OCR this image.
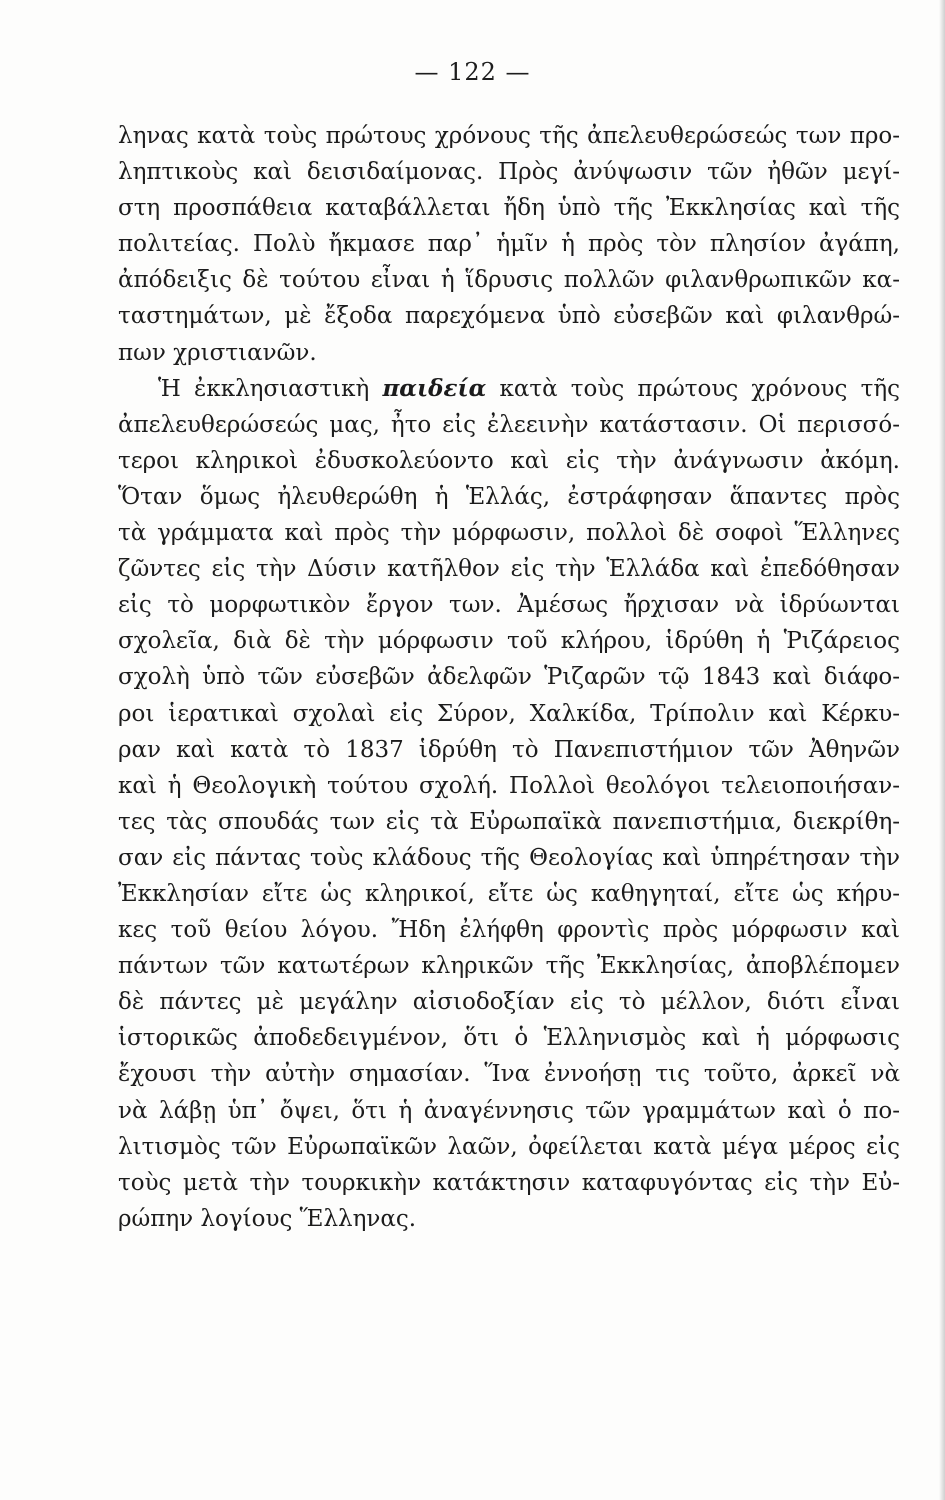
— 122 —
ληνας κατὰ τοὺς πρώτους χρόνους τῆς ἀπελευθερώσεώς των προ-
ληπτικοὺς καὶ δεισιδαίμονας. Πρὸς ἀνύψωσιν τῶν ἠθῶν μεγί-
στη προσπάθεια καταβάλλεται ἤδη ὑπὸ τῆς Ἐκκλησίας καὶ τῆς
πολιτείας. Πολὺ ἤκμασε παρ᾿ ἡμῖν ἡ πρὸς τὸν πλησίον ἀγάπη,
ἀπόδειξις δὲ τούτου εἶναι ἡ ἵδρυσις πολλῶν φιλανθρωπικῶν κα-
ταστημάτων, μὲ ἔξοδα παρεχόμενα ὑπὸ εὐσεβῶν καὶ φιλανθρώ-
πων χριστιανῶν.
Ἡ ἐκκλησιαστικὴ παιδεία κατὰ τοὺς πρώτους χρόνους τῆς
ἀπελευθερώσεώς μας, ἦτο εἰς ἐλεεινὴν κατάστασιν. Οἱ περισσό-
τεροι κληρικοὶ ἐδυσκολεύοντο καὶ εἰς τὴν ἀνάγνωσιν ἀκόμη.
Ὅταν ὅμως ἠλευθερώθη ἡ Ἑλλάς, ἐστράφησαν ἅπαντες πρὸς
τὰ γράμματα καὶ πρὸς τὴν μόρφωσιν, πολλοὶ δὲ σοφοὶ Ἕλληνες
ζῶντες εἰς τὴν Δύσιν κατῆλθον εἰς τὴν Ἑλλάδα καὶ ἐπεδόθησαν
εἰς τὸ μορφωτικὸν ἔργον των. Ἀμέσως ἤρχισαν νὰ ἱδρύωνται
σχολεῖα, διὰ δὲ τὴν μόρφωσιν τοῦ κλήρου, ἱδρύθη ἡ Ῥιζάρειος
σχολὴ ὑπὸ τῶν εὐσεβῶν ἀδελφῶν Ῥιζαρῶν τῷ 1843 καὶ διάφο-
ροι ἱερατικαὶ σχολαὶ εἰς Σύρον, Χαλκίδα, Τρίπολιν καὶ Κέρκυ-
ραν καὶ κατὰ τὸ 1837 ἱδρύθη τὸ Πανεπιστήμιον τῶν Ἀθηνῶν
καὶ ἡ Θεολογικὴ τούτου σχολή. Πολλοὶ θεολόγοι τελειοποιήσαν-
τες τὰς σπουδάς των εἰς τὰ Εὐρωπαϊκὰ πανεπιστήμια, διεκρίθη-
σαν εἰς πάντας τοὺς κλάδους τῆς Θεολογίας καὶ ὑπηρέτησαν τὴν
Ἐκκλησίαν εἴτε ὡς κληρικοί, εἴτε ὡς καθηγηταί, εἴτε ὡς κήρυ-
κες τοῦ θείου λόγου. Ἤδη ἐλήφθη φροντὶς πρὸς μόρφωσιν καὶ
πάντων τῶν κατωτέρων κληρικῶν τῆς Ἐκκλησίας, ἀποβλέπομεν
δὲ πάντες μὲ μεγάλην αἰσιοδοξίαν εἰς τὸ μέλλον, διότι εἶναι
ἱστορικῶς ἀποδεδειγμένον, ὅτι ὁ Ἑλληνισμὸς καὶ ἡ μόρφωσις
ἔχουσι τὴν αὐτὴν σημασίαν. Ἵνα ἐννοήσῃ τις τοῦτο, ἀρκεῖ νὰ
νὰ λάβῃ ὑπ᾿ ὄψει, ὅτι ἡ ἀναγέννησις τῶν γραμμάτων καὶ ὁ πο-
λιτισμὸς τῶν Εὐρωπαϊκῶν λαῶν, ὀφείλεται κατὰ μέγα μέρος εἰς
τοὺς μετὰ τὴν τουρκικὴν κατάκτησιν καταφυγόντας εἰς τὴν Εὐ-
ρώπην λογίους Ἕλληνας.
